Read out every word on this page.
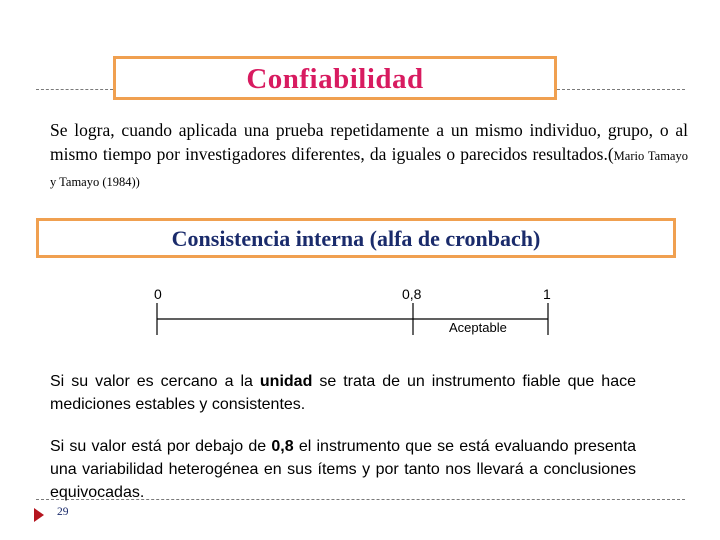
Confiabilidad
Se logra, cuando aplicada una prueba repetidamente a un mismo individuo, grupo, o al mismo tiempo por investigadores diferentes, da iguales o parecidos resultados.(Mario Tamayo y Tamayo (1984))
Consistencia interna (alfa de cronbach)
0	0,8	1
Aceptable
Si su valor es cercano a la unidad se trata de un instrumento fiable que hace mediciones estables y consistentes.
Si su valor está por debajo de 0,8 el instrumento que se está evaluando presenta una variabilidad heterogénea en sus ítems y por tanto nos llevará a conclusiones equivocadas.
29
